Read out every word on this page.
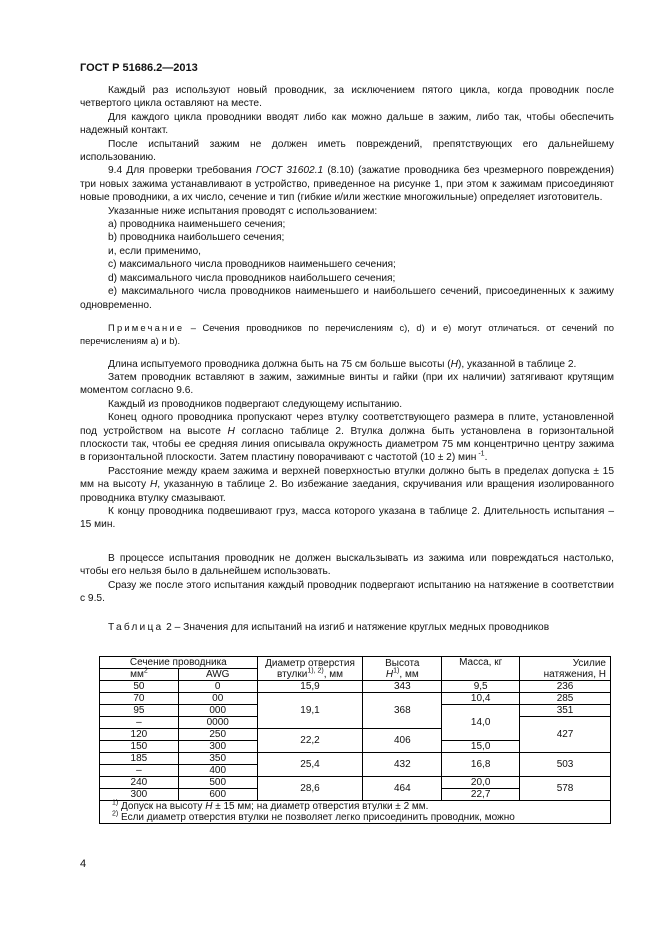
ГОСТ Р 51686.2—2013

Каждый раз используют новый проводник, за исключением пятого цикла, когда проводник после четвертого цикла оставляют на месте.

Для каждого цикла проводники вводят либо как можно дальше в зажим, либо так, чтобы обеспечить надежный контакт.

После испытаний зажим не должен иметь повреждений, препятствующих его дальнейшему использованию.

9.4 Для проверки требования ГОСТ 31602.1 (8.10) (зажатие проводника без чрезмерного повреждения) три новых зажима устанавливают в устройство, приведенное на рисунке 1, при этом к зажимам присоединяют новые проводники, а их число, сечение и тип (гибкие и/или жесткие многожильные) определяет изготовитель.

Указанные ниже испытания проводят с использованием:

a) проводника наименьшего сечения;

b) проводника наибольшего сечения;

и, если применимо,

c) максимального числа проводников наименьшего сечения;

d) максимального числа проводников наибольшего сечения;

e) максимального числа проводников наименьшего и наибольшего сечений, присоединенных к зажиму одновременно.

Примечание – Сечения проводников по перечислениям c), d) и e) могут отличаться. от сечений по перечислениям a) и b).

Длина испытуемого проводника должна быть на 75 см больше высоты (H), указанной в таблице 2.

Затем проводник вставляют в зажим, зажимные винты и гайки (при их наличии) затягивают крутящим моментом согласно 9.6.

Каждый из проводников подвергают следующему испытанию.

Конец одного проводника пропускают через втулку соответствующего размера в плите, установленной под устройством на высоте H согласно таблице 2. Втулка должна быть установлена в горизонтальной плоскости так, чтобы ее средняя линия описывала окружность диаметром 75 мм концентрично центру зажима в горизонтальной плоскости. Затем пластину поворачивают с частотой (10 ± 2) мин $^{-1}$.

Расстояние между краем зажима и верхней поверхностью втулки должно быть в пределах допуска ± 15 мм на высоту H, указанную в таблице 2. Во избежание заедания, скручивания или вращения изолированного проводника втулку смазывают.

К концу проводника подвешивают груз, масса которого указана в таблице 2. Длительность испытания – 15 мин.

В процессе испытания проводник не должен выскальзывать из зажима или повреждаться настолько, чтобы его нельзя было в дальнейшем использовать.

Сразу же после этого испытания каждый проводник подвергают испытанию на натяжение в соответствии с 9.5.

Таблица 2 – Значения для испытаний на изгиб и натяжение круглых медных проводников

Сечение проводника		Диаметр отверстия втулки$^{1), 2)}$, мм	Высота
$H^{1)}$, мм	Масса, кг	Усилие натяжения, Н
$мм^2$	AWG				
50	0	15,9	343	9,5	236
70	00	19,1	368	10,4	285
95	000			14,0	351
–	0000				427
120	250	22,2	406		
150	300			15,0	
185	350	25,4	432	16,8	503
–	400				
240	500	28,6	464	20,0	578
300	600			22,7	

$^{1)}$ Допуск на высоту H ± 15 мм; на диаметр отверстия втулки ± 2 мм.
$^{2)}$ Если диаметр отверстия втулки не позволяет легко присоединить проводник, можно					
4
